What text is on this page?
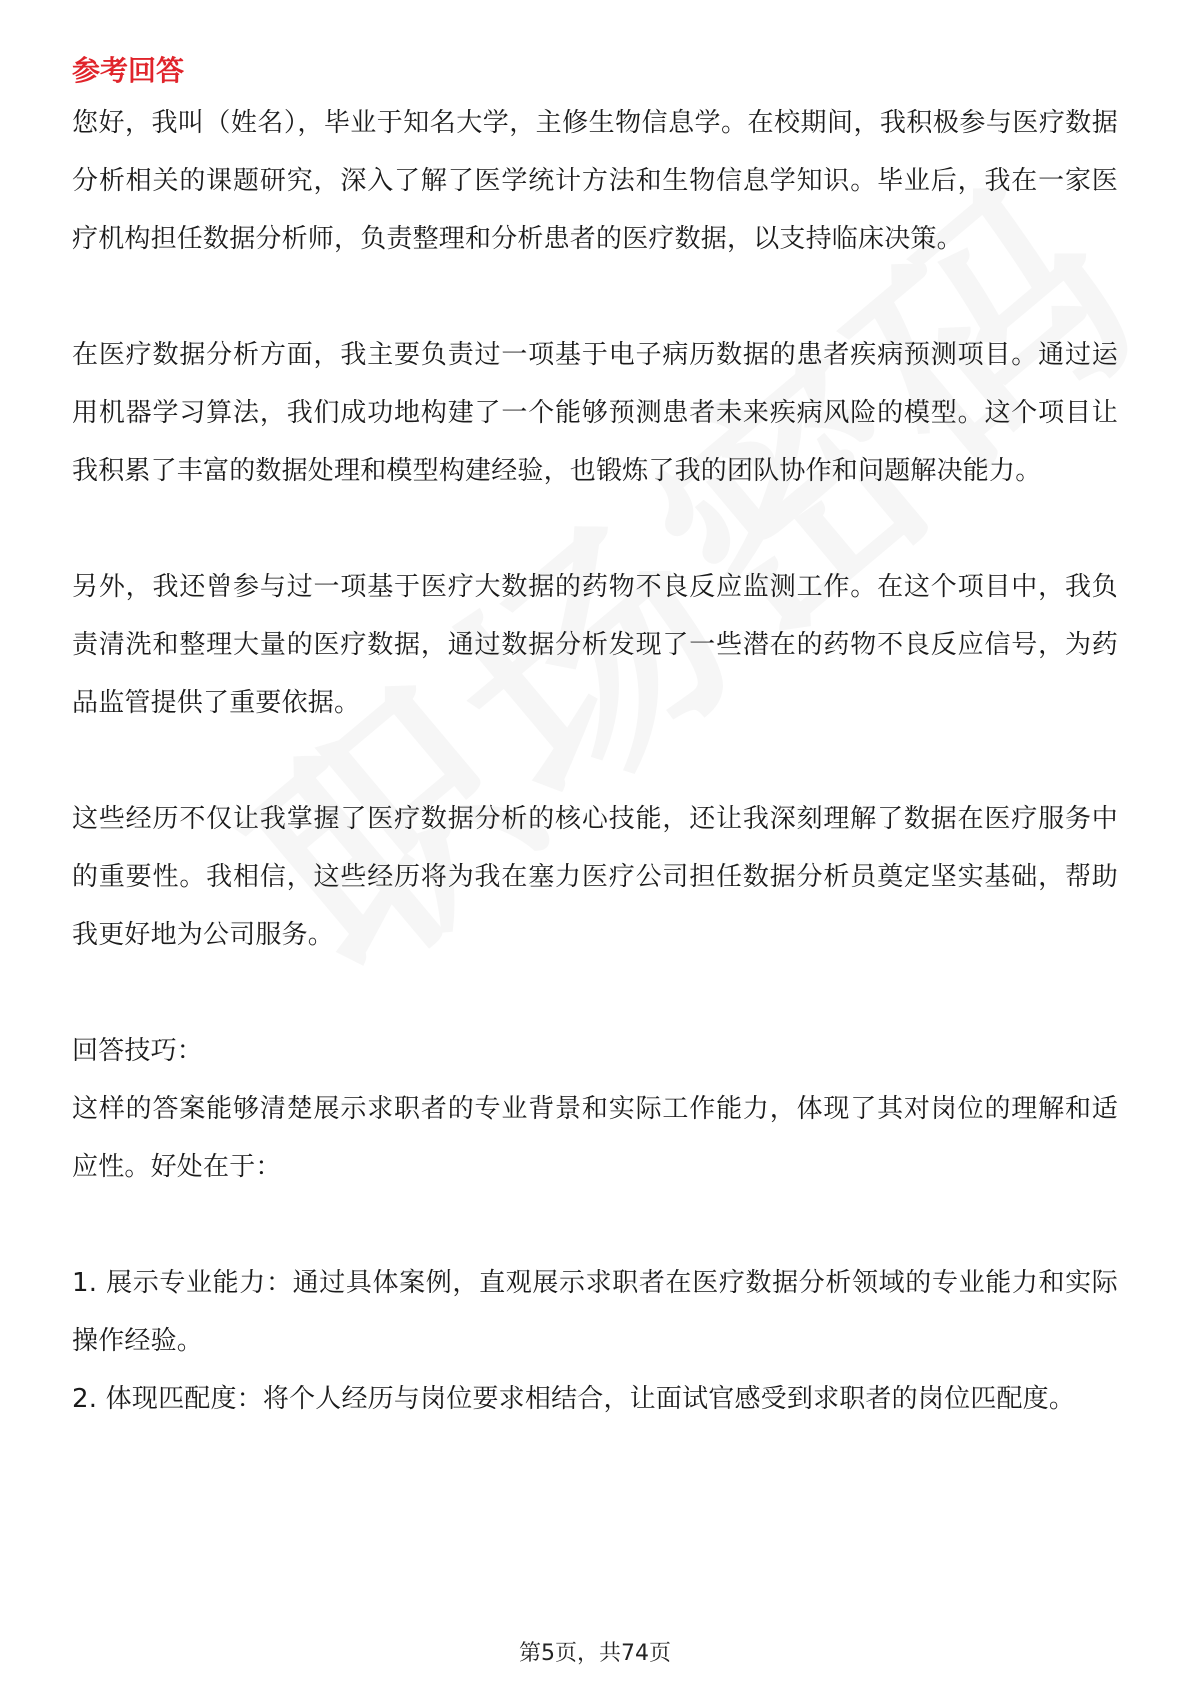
参考回答

您好，我叫（姓名），毕业于知名大学，主修生物信息学。在校期间，我积极参与医疗数据分析相关的课题研究，深入了解了医学统计方法和生物信息学知识。毕业后，我在一家医疗机构担任数据分析师，负责整理和分析患者的医疗数据，以支持临床决策。

在医疗数据分析方面，我主要负责过一项基于电子病历数据的患者疾病预测项目。通过运用机器学习算法，我们成功地构建了一个能够预测患者未来疾病风险的模型。这个项目让我积累了丰富的数据处理和模型构建经验，也锻炼了我的团队协作和问题解决能力。

另外，我还曾参与过一项基于医疗大数据的药物不良反应监测工作。在这个项目中，我负责清洗和整理大量的医疗数据，通过数据分析发现了一些潜在的药物不良反应信号，为药品监管提供了重要依据。

这些经历不仅让我掌握了医疗数据分析的核心技能，还让我深刻理解了数据在医疗服务中的重要性。我相信，这些经历将为我在塞力医疗公司担任数据分析员奠定坚实基础，帮助我更好地为公司服务。

回答技巧：

这样的答案能够清楚展示求职者的专业背景和实际工作能力，体现了其对岗位的理解和适应性。好处在于：

1. 展示专业能力：通过具体案例，直观展示求职者在医疗数据分析领域的专业能力和实际操作经验。

2. 体现匹配度：将个人经历与岗位要求相结合，让面试官感受到求职者的岗位匹配度。

第5页，共74页
